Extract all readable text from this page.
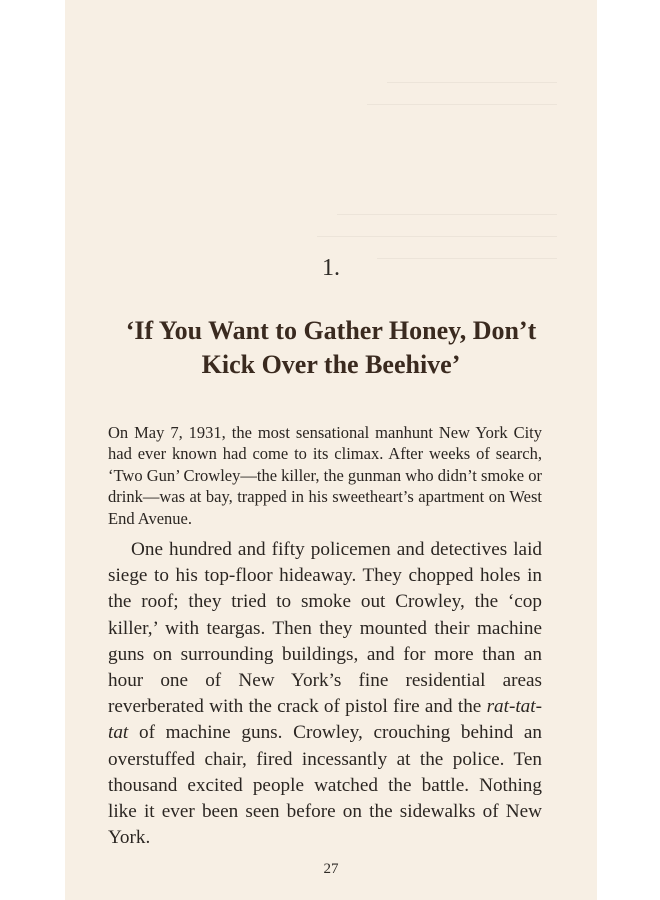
1.
‘If You Want to Gather Honey, Don’t
Kick Over the Beehive’

On May 7, 1931, the most sensational manhunt New York City had ever known had come to its climax. After weeks of search, ‘Two Gun’ Crowley—the killer, the gunman who didn’t smoke or drink—was at bay, trapped in his sweetheart’s apartment on West End Avenue.

One hundred and fifty policemen and detectives laid siege to his top-floor hideaway. They chopped holes in the roof; they tried to smoke out Crowley, the ‘cop killer,’ with teargas. Then they mounted their machine guns on surrounding buildings, and for more than an hour one of New York’s fine residential areas reverberated with the crack of pistol fire and the rat-tat-tat of machine guns. Crowley, crouching behind an overstuffed chair, fired incessantly at the police. Ten thousand excited people watched the battle. Nothing like it ever been seen before on the sidewalks of New York.

27
